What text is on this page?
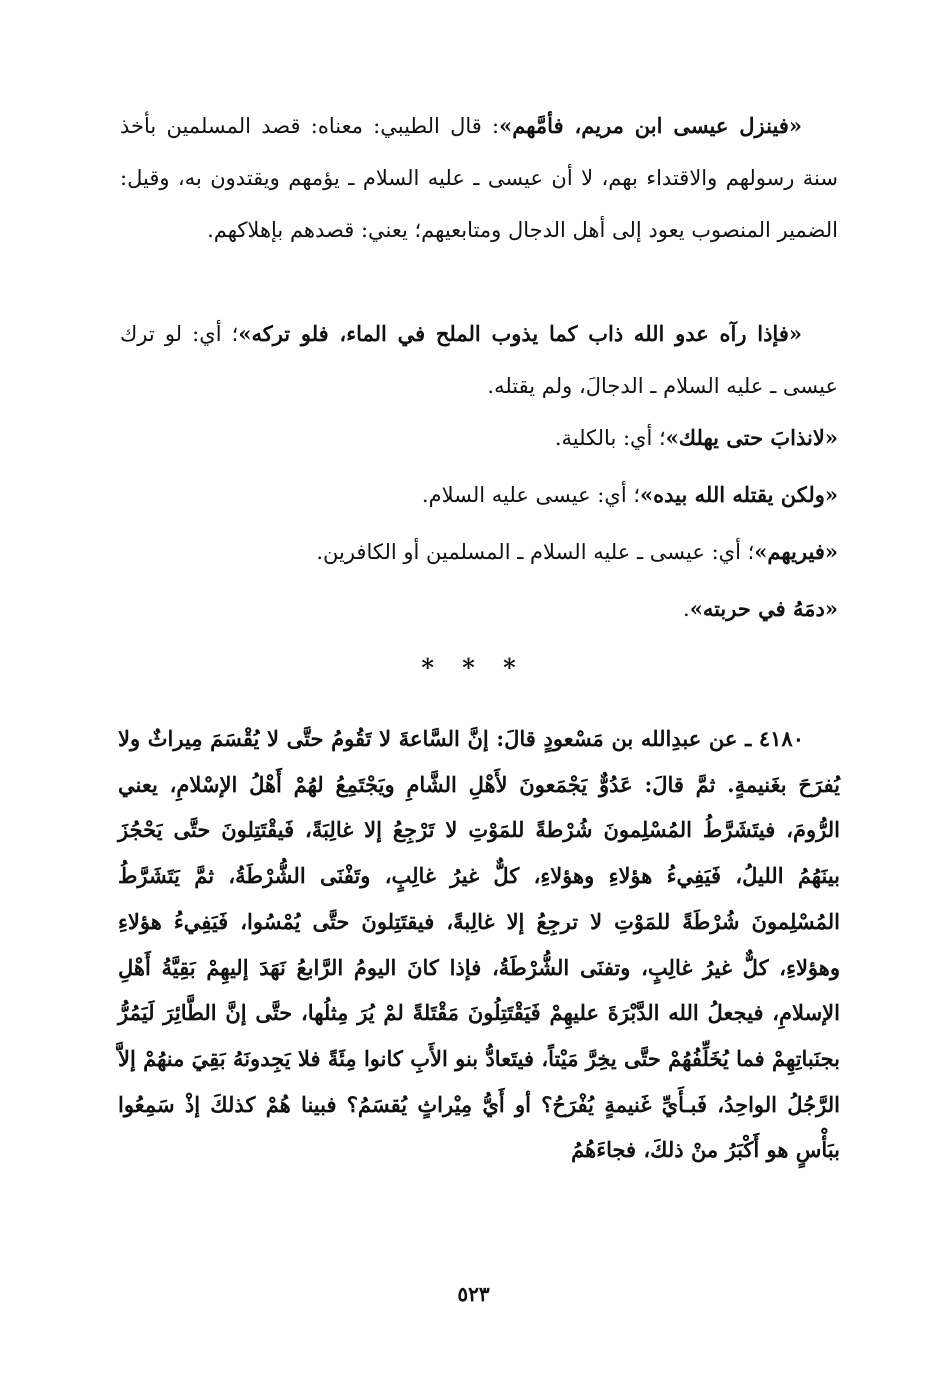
«فينزل عيسى ابن مريم، فأمَّهم»: قال الطيبي: معناه: قصد المسلمين بأخذ سنة رسولهم والاقتداء بهم، لا أن عيسى ـ عليه السلام ـ يؤمهم ويقتدون به، وقيل: الضمير المنصوب يعود إلى أهل الدجال ومتابعيهم؛ يعني: قصدهم بإهلاكهم.

«فإذا رآه عدو الله ذاب كما يذوب الملح في الماء، فلو تركه»؛ أي: لو ترك عيسى ـ عليه السلام ـ الدجالَ، ولم يقتله.

«لانذابَ حتى يهلك»؛ أي: بالكلية.
«ولكن يقتله الله بيده»؛ أي: عيسى عليه السلام.
«فيريهم»؛ أي: عيسى ـ عليه السلام ـ المسلمين أو الكافرين.
«دمَهُ في حربته».
* * *

٤١٨٠ ـ عن عبدِالله بن مَسْعودٍ قالَ: إنَّ السَّاعةَ لا تَقُومُ حتَّى لا يُقْسَمَ مِيراثٌ ولا يُفرَحَ بغَنيمةٍ. ثمَّ قالَ: عَدُوٌّ يَجْمَعونَ لأَهْلِ الشَّامِ ويَجْتَمِعُ لهُمْ أَهْلُ الإسْلامِ، يعني الرُّومَ، فيتَشَرَّطُ المُسْلِمونَ شُرْطةً للمَوْتِ لا تَرْجِعُ إلا غالِبَةً، فَيقْتَتِلونَ حتَّى يَحْجُزَ بينَهُمُ الليلُ، فَيَفِيءُ هؤلاءِ وهؤلاءِ، كلٌّ غيرُ غالِبٍ، وتَفْنَى الشُّرْطَةُ، ثمَّ يَتَشَرَّطُ المُسْلِمونَ شُرْطَةً للمَوْتِ لا ترجِعُ إلا غالِبةً، فيقتَتِلونَ حتَّى يُمْسُوا، فَيَفِيءُ هؤلاءِ وهؤلاءِ، كلٌّ غيرُ غالِبٍ، وتفنَى الشُّرْطَةُ، فإذا كانَ اليومُ الرَّابعُ نَهَدَ إليهِمْ بَقِيَّةُ أَهْلِ الإسلامِ، فيجعلُ الله الدَّبْرَةَ عليهِمْ فَيَقْتَتِلُونَ مَقْتَلةً لمْ يُرَ مِثلُها، حتَّى إنَّ الطَّائِرَ لَيَمُرُّ بجنَباتِهِمْ فما يُخَلِّفُهُمْ حتَّى يخِرَّ مَيْتاً، فيتَعادُّ بنو الأَبِ كانوا مِئَةً فلا يَجِدونَهُ بَقِيَ منهُمْ إلاَّ الرَّجُلُ الواحِدُ، فَبـأَيِّ غَنيمةٍ يُفْرَحُ؟ أو أَيُّ مِيْراثٍ يُقسَمُ؟ فبينا هُمْ كذلكَ إذْ سَمِعُوا ببَأْسٍ هو أَكْبَرُ منْ ذلكَ، فجاءَهُمُ

٥٢٣
